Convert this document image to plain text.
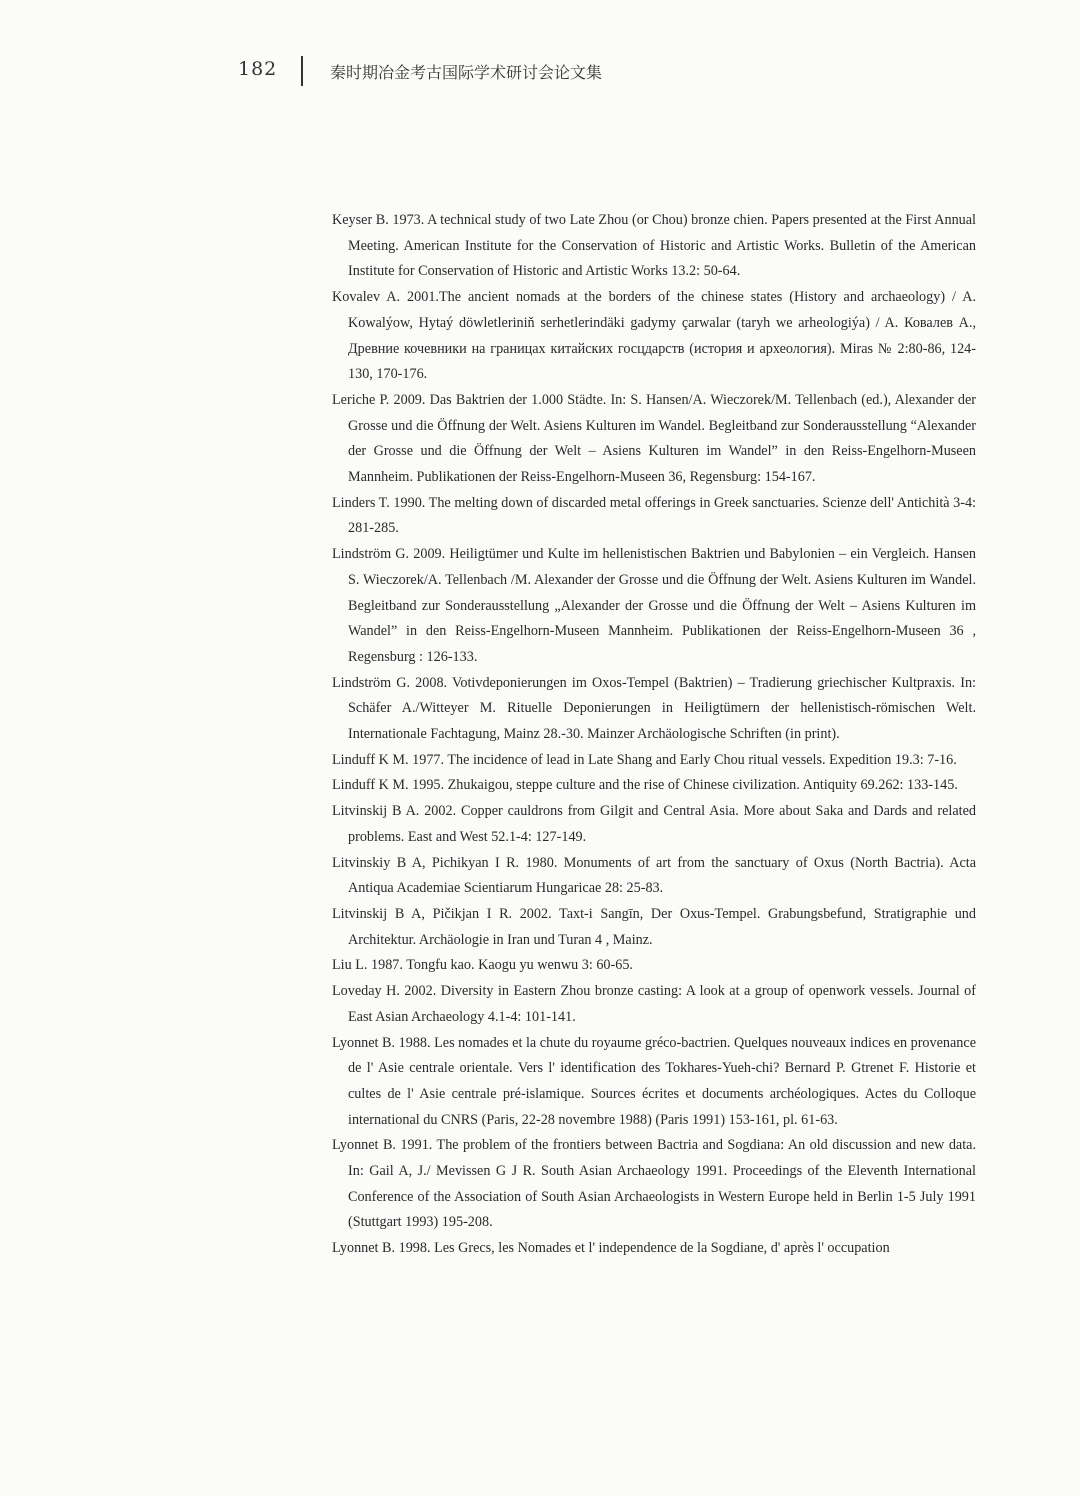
182	秦时期冶金考古国际学术研讨会论文集

Keyser B. 1973. A technical study of two Late Zhou (or Chou) bronze chien. Papers presented at the First Annual Meeting. American Institute for the Conservation of Historic and Artistic Works. Bulletin of the American Institute for Conservation of Historic and Artistic Works 13.2: 50-64.

Kovalev A. 2001.The ancient nomads at the borders of the chinese states (History and archaeology) / A. Kowalýow, Hytaý döwletleriniň serhetlerindäki gadymy çarwalar (taryh we arheologiýa) / A. Ковалев А., Древние кочевники на границах китайских госцдарств (история и археология). Miras № 2:80-86, 124-130, 170-176.

Leriche P. 2009. Das Baktrien der 1.000 Städte. In: S. Hansen/A. Wieczorek/M. Tellenbach (ed.), Alexander der Grosse und die Öffnung der Welt. Asiens Kulturen im Wandel. Begleitband zur Sonderausstellung “Alexander der Grosse und die Öffnung der Welt – Asiens Kulturen im Wandel” in den Reiss-Engelhorn-Museen Mannheim. Publikationen der Reiss-Engelhorn-Museen 36, Regensburg: 154-167.

Linders T. 1990. The melting down of discarded metal offerings in Greek sanctuaries. Scienze dell' Antichità 3-4: 281-285.

Lindström G. 2009. Heiligtümer und Kulte im hellenistischen Baktrien und Babylonien – ein Vergleich. Hansen S. Wieczorek/A. Tellenbach /M. Alexander der Grosse und die Öffnung der Welt. Asiens Kulturen im Wandel. Begleitband zur Sonderausstellung „Alexander der Grosse und die Öffnung der Welt – Asiens Kulturen im Wandel” in den Reiss-Engelhorn-Museen Mannheim. Publikationen der Reiss-Engelhorn-Museen 36 , Regensburg : 126-133.

Lindström G. 2008. Votivdeponierungen im Oxos-Tempel (Baktrien) – Tradierung griechischer Kultpraxis. In: Schäfer A./Witteyer M. Rituelle Deponierungen in Heiligtümern der hellenistisch-römischen Welt. Internationale Fachtagung, Mainz 28.-30. Mainzer Archäologische Schriften (in print).

Linduff K M. 1977. The incidence of lead in Late Shang and Early Chou ritual vessels. Expedition 19.3: 7-16.

Linduff K M. 1995. Zhukaigou, steppe culture and the rise of Chinese civilization. Antiquity 69.262: 133-145.

Litvinskij B A. 2002. Copper cauldrons from Gilgit and Central Asia. More about Saka and Dards and related problems. East and West 52.1-4: 127-149.

Litvinskiy B A, Pichikyan I R. 1980. Monuments of art from the sanctuary of Oxus (North Bactria). Acta Antiqua Academiae Scientiarum Hungaricae 28: 25-83.

Litvinskij B A, Pičikjan I R. 2002. Taxt-i Sangīn, Der Oxus-Tempel. Grabungsbefund, Stratigraphie und Architektur. Archäologie in Iran und Turan 4 , Mainz.

Liu L. 1987. Tongfu kao. Kaogu yu wenwu 3: 60-65.

Loveday H. 2002. Diversity in Eastern Zhou bronze casting: A look at a group of openwork vessels. Journal of East Asian Archaeology 4.1-4: 101-141.

Lyonnet B. 1988. Les nomades et la chute du royaume gréco-bactrien. Quelques nouveaux indices en provenance de l' Asie centrale orientale. Vers l' identification des Tokhares-Yueh-chi? Bernard P. Gtrenet F. Historie et cultes de l' Asie centrale pré-islamique. Sources écrites et documents archéologiques. Actes du Colloque international du CNRS (Paris, 22-28 novembre 1988) (Paris 1991) 153-161, pl. 61-63.

Lyonnet B. 1991. The problem of the frontiers between Bactria and Sogdiana: An old discussion and new data. In: Gail A, J./ Mevissen G J R. South Asian Archaeology 1991. Proceedings of the Eleventh International Conference of the Association of South Asian Archaeologists in Western Europe held in Berlin 1-5 July 1991 (Stuttgart 1993) 195-208.

Lyonnet B. 1998. Les Grecs, les Nomades et l' independence de la Sogdiane, d' après l' occupation
